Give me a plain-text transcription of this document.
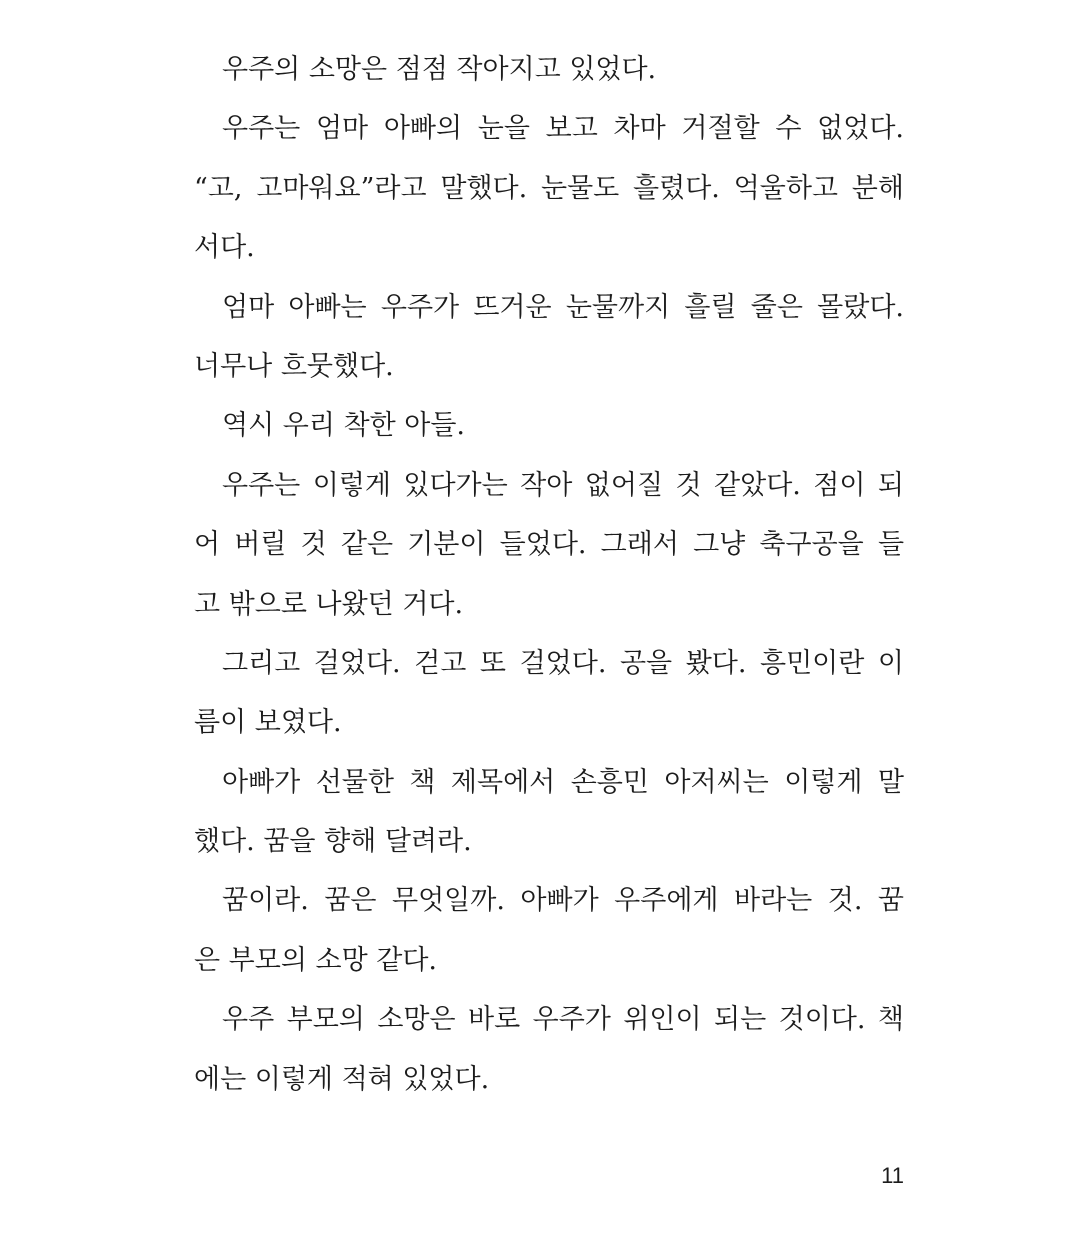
우주의 소망은 점점 작아지고 있었다.
우주는 엄마 아빠의 눈을 보고 차마 거절할 수 없었다.
“고, 고마워요”라고 말했다. 눈물도 흘렸다. 억울하고 분해
서다.
엄마 아빠는 우주가 뜨거운 눈물까지 흘릴 줄은 몰랐다.
너무나 흐뭇했다.
역시 우리 착한 아들.
우주는 이렇게 있다가는 작아 없어질 것 같았다. 점이 되
어 버릴 것 같은 기분이 들었다. 그래서 그냥 축구공을 들
고 밖으로 나왔던 거다.
그리고 걸었다. 걷고 또 걸었다. 공을 봤다. 흥민이란 이
름이 보였다.
아빠가 선물한 책 제목에서 손흥민 아저씨는 이렇게 말
했다. 꿈을 향해 달려라.
꿈이라. 꿈은 무엇일까. 아빠가 우주에게 바라는 것. 꿈
은 부모의 소망 같다.
우주 부모의 소망은 바로 우주가 위인이 되는 것이다. 책
에는 이렇게 적혀 있었다.
11
